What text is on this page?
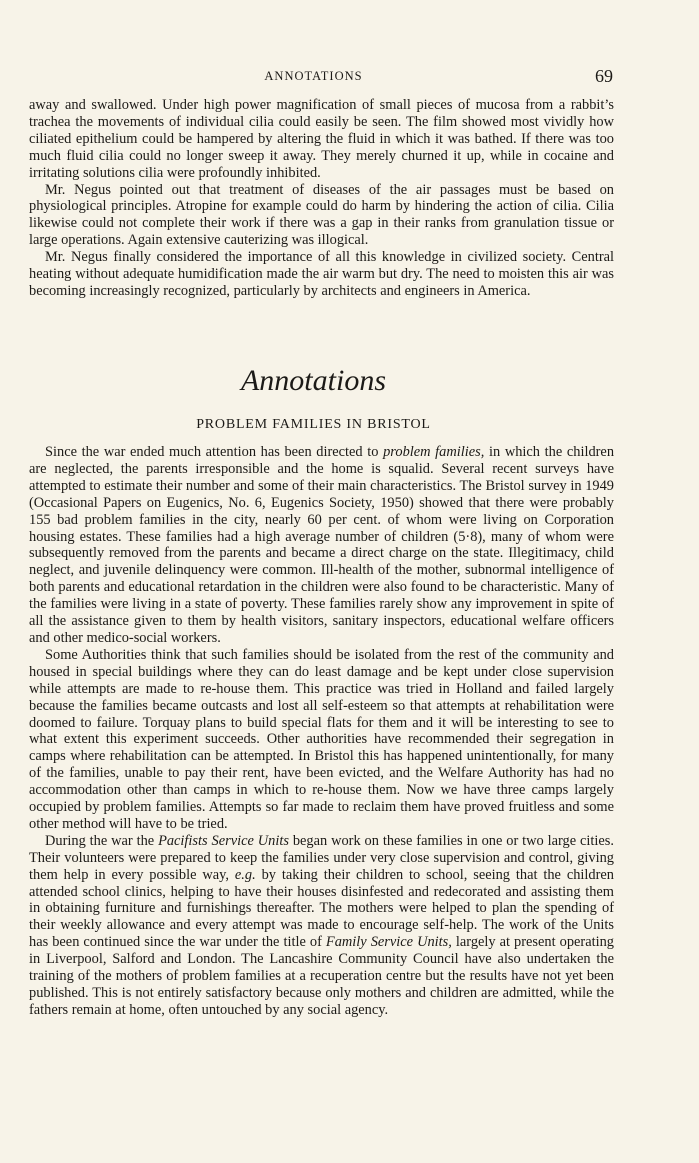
ANNOTATIONS	69

away and swallowed. Under high power magnification of small pieces of mucosa from a rabbit’s trachea the movements of individual cilia could easily be seen. The film showed most vividly how ciliated epithelium could be hampered by altering the fluid in which it was bathed. If there was too much fluid cilia could no longer sweep it away. They merely churned it up, while in cocaine and irritating solutions cilia were profoundly inhibited.

Mr. Negus pointed out that treatment of diseases of the air passages must be based on physiological principles. Atropine for example could do harm by hindering the action of cilia. Cilia likewise could not complete their work if there was a gap in their ranks from granulation tissue or large operations. Again extensive cauterizing was illogical.

Mr. Negus finally considered the importance of all this knowledge in civilized society. Central heating without adequate humidification made the air warm but dry. The need to moisten this air was becoming increasingly recognized, particularly by architects and engineers in America.

Annotations
PROBLEM FAMILIES IN BRISTOL

Since the war ended much attention has been directed to problem families, in which the children are neglected, the parents irresponsible and the home is squalid. Several recent surveys have attempted to estimate their number and some of their main characteristics. The Bristol survey in 1949 (Occasional Papers on Eugenics, No. 6, Eugenics Society, 1950) showed that there were probably 155 bad problem families in the city, nearly 60 per cent. of whom were living on Corporation housing estates. These families had a high average number of children (5·8), many of whom were subsequently removed from the parents and became a direct charge on the state. Illegitimacy, child neglect, and juvenile delinquency were common. Ill-health of the mother, subnormal intelligence of both parents and educational retardation in the children were also found to be characteristic. Many of the families were living in a state of poverty. These families rarely show any improvement in spite of all the assistance given to them by health visitors, sanitary inspectors, educational welfare officers and other medico-social workers.

Some Authorities think that such families should be isolated from the rest of the community and housed in special buildings where they can do least damage and be kept under close supervision while attempts are made to re-house them. This practice was tried in Holland and failed largely because the families became outcasts and lost all self-esteem so that attempts at rehabilitation were doomed to failure. Torquay plans to build special flats for them and it will be interesting to see to what extent this experiment succeeds. Other authorities have recommended their segregation in camps where rehabilitation can be attempted. In Bristol this has happened unintentionally, for many of the families, unable to pay their rent, have been evicted, and the Welfare Authority has had no accommodation other than camps in which to re-house them. Now we have three camps largely occupied by problem families. Attempts so far made to reclaim them have proved fruitless and some other method will have to be tried.

During the war the Pacifists Service Units began work on these families in one or two large cities. Their volunteers were prepared to keep the families under very close supervision and control, giving them help in every possible way, e.g. by taking their children to school, seeing that the children attended school clinics, helping to have their houses disinfested and redecorated and assisting them in obtaining furniture and furnishings thereafter. The mothers were helped to plan the spending of their weekly allowance and every attempt was made to encourage self-help. The work of the Units has been continued since the war under the title of Family Service Units, largely at present operating in Liverpool, Salford and London. The Lancashire Community Council have also undertaken the training of the mothers of problem families at a recuperation centre but the results have not yet been published. This is not entirely satisfactory because only mothers and children are admitted, while the fathers remain at home, often untouched by any social agency.
